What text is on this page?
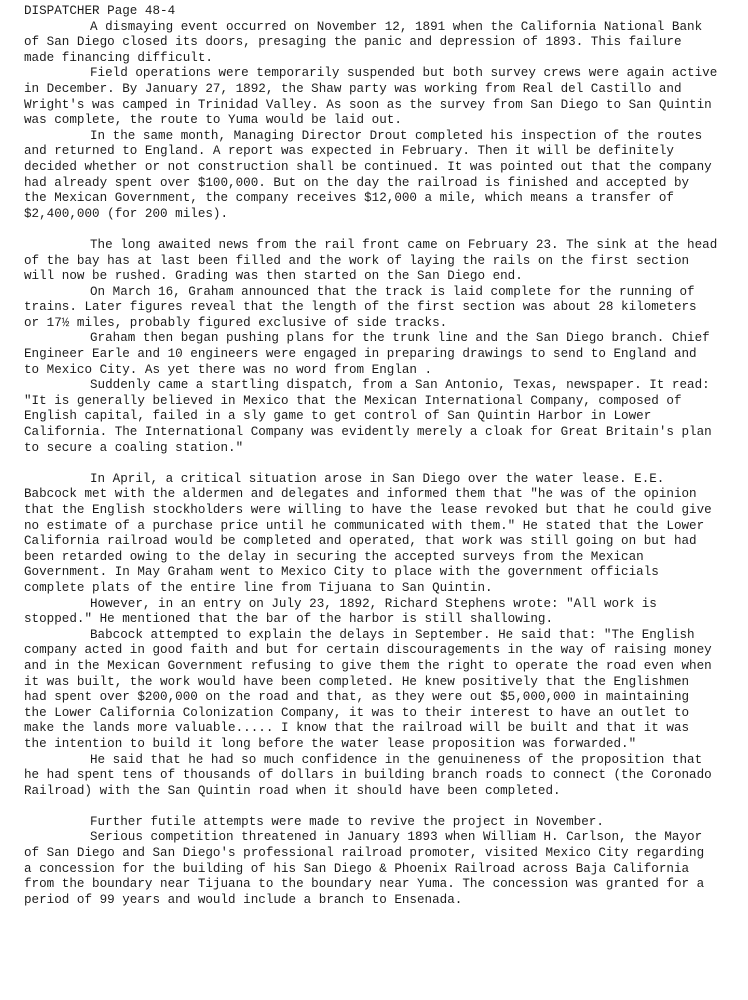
DISPATCHER Page 48-4

A dismaying event occurred on November 12, 1891 when the California National Bank of San Diego closed its doors, presaging the panic and depression of 1893. This failure made financing difficult.

Field operations were temporarily suspended but both survey crews were again active in December. By January 27, 1892, the Shaw party was working from Real del Castillo and Wright's was camped in Trinidad Valley. As soon as the survey from San Diego to San Quintin was complete, the route to Yuma would be laid out.

In the same month, Managing Director Drout completed his inspection of the routes and returned to England. A report was expected in February. Then it will be definitely decided whether or not construction shall be continued. It was pointed out that the company had already spent over $100,000. But on the day the railroad is finished and accepted by the Mexican Government, the company receives $12,000 a mile, which means a transfer of $2,400,000 (for 200 miles).

The long awaited news from the rail front came on February 23. The sink at the head of the bay has at last been filled and the work of laying the rails on the first section will now be rushed. Grading was then started on the San Diego end.

On March 16, Graham announced that the track is laid complete for the running of trains. Later figures reveal that the length of the first section was about 28 kilometers or 17½ miles, probably figured exclusive of side tracks.

Graham then began pushing plans for the trunk line and the San Diego branch. Chief Engineer Earle and 10 engineers were engaged in preparing drawings to send to England and to Mexico City. As yet there was no word from Englan .

Suddenly came a startling dispatch, from a San Antonio, Texas, newspaper. It read: "It is generally believed in Mexico that the Mexican International Company, composed of English capital, failed in a sly game to get control of San Quintin Harbor in Lower California. The International Company was evidently merely a cloak for Great Britain's plan to secure a coaling station."

In April, a critical situation arose in San Diego over the water lease. E.E. Babcock met with the aldermen and delegates and informed them that "he was of the opinion that the English stockholders were willing to have the lease revoked but that he could give no estimate of a purchase price until he communicated with them." He stated that the Lower California railroad would be completed and operated, that work was still going on but had been retarded owing to the delay in securing the accepted surveys from the Mexican Government. In May Graham went to Mexico City to place with the government officials complete plats of the entire line from Tijuana to San Quintin.

However, in an entry on July 23, 1892, Richard Stephens wrote: "All work is stopped." He mentioned that the bar of the harbor is still shallowing.

Babcock attempted to explain the delays in September. He said that: "The English company acted in good faith and but for certain discouragements in the way of raising money and in the Mexican Government refusing to give them the right to operate the road even when it was built, the work would have been completed. He knew positively that the Englishmen had spent over $200,000 on the road and that, as they were out $5,000,000 in maintaining the Lower California Colonization Company, it was to their interest to have an outlet to make the lands more valuable..... I know that the railroad will be built and that it was the intention to build it long before the water lease proposition was forwarded."

He said that he had so much confidence in the genuineness of the proposition that he had spent tens of thousands of dollars in building branch roads to connect (the Coronado Railroad) with the San Quintin road when it should have been completed.

Further futile attempts were made to revive the project in November.

Serious competition threatened in January 1893 when William H. Carlson, the Mayor of San Diego and San Diego's professional railroad promoter, visited Mexico City regarding a concession for the building of his San Diego & Phoenix Railroad across Baja California from the boundary near Tijuana to the boundary near Yuma. The concession was granted for a period of 99 years and would include a branch to Ensenada.
